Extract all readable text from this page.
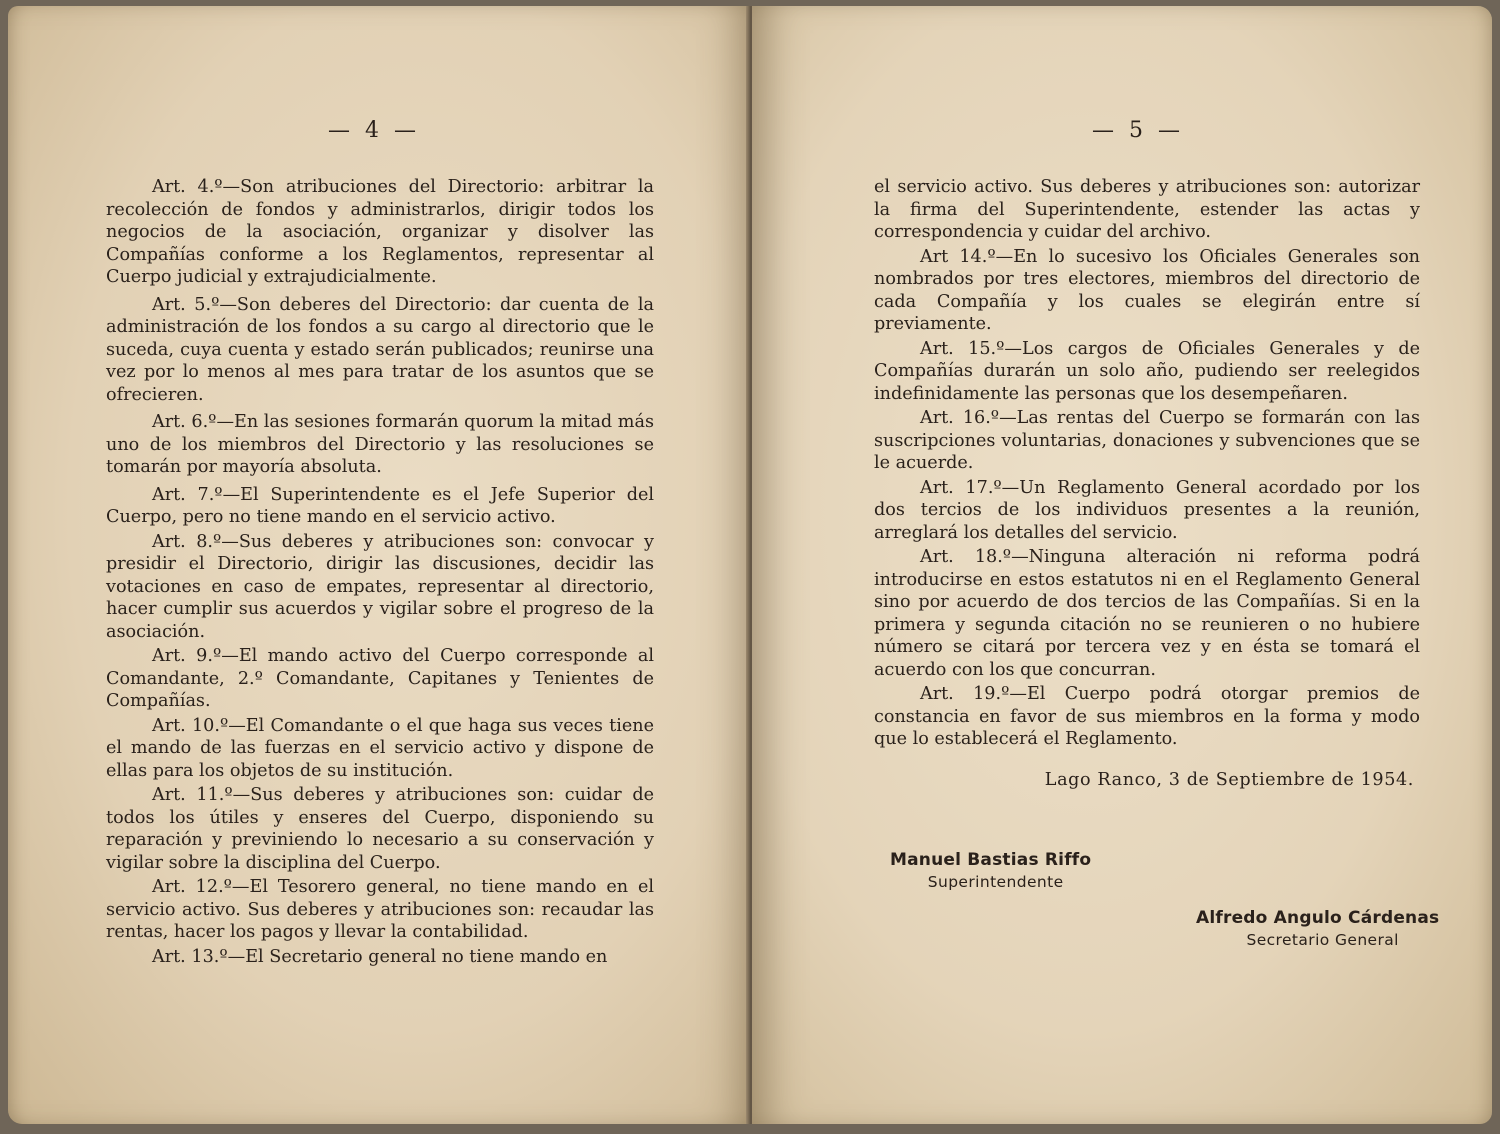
— 4 —

Art. 4.º—Son atribuciones del Directorio: arbitrar la recolección de fondos y administrarlos, dirigir todos los negocios de la asociación, organizar y disolver las Compañías conforme a los Reglamentos, representar al Cuerpo judicial y extrajudicialmente.

Art. 5.º—Son deberes del Directorio: dar cuenta de la administración de los fondos a su cargo al directorio que le suceda, cuya cuenta y estado serán publicados; reunirse una vez por lo menos al mes para tratar de los asuntos que se ofrecieren.

Art. 6.º—En las sesiones formarán quorum la mitad más uno de los miembros del Directorio y las resoluciones se tomarán por mayoría absoluta.

Art. 7.º—El Superintendente es el Jefe Superior del Cuerpo, pero no tiene mando en el servicio activo.

Art. 8.º—Sus deberes y atribuciones son: convocar y presidir el Directorio, dirigir las discusiones, decidir las votaciones en caso de empates, representar al directorio, hacer cumplir sus acuerdos y vigilar sobre el progreso de la asociación.

Art. 9.º—El mando activo del Cuerpo corresponde al Comandante, 2.º Comandante, Capitanes y Tenientes de Compañías.

Art. 10.º—El Comandante o el que haga sus veces tiene el mando de las fuerzas en el servicio activo y dispone de ellas para los objetos de su institución.

Art. 11.º—Sus deberes y atribuciones son: cuidar de todos los útiles y enseres del Cuerpo, disponiendo su reparación y previniendo lo necesario a su conservación y vigilar sobre la disciplina del Cuerpo.

Art. 12.º—El Tesorero general, no tiene mando en el servicio activo. Sus deberes y atribuciones son: recaudar las rentas, hacer los pagos y llevar la contabilidad.

Art. 13.º—El Secretario general no tiene mando en

— 5 —

el servicio activo. Sus deberes y atribuciones son: autorizar la firma del Superintendente, estender las actas y correspondencia y cuidar del archivo.

Art 14.º—En lo sucesivo los Oficiales Generales son nombrados por tres electores, miembros del directorio de cada Compañía y los cuales se elegirán entre sí previamente.

Art. 15.º—Los cargos de Oficiales Generales y de Compañías durarán un solo año, pudiendo ser reelegidos indefinidamente las personas que los desempeñaren.

Art. 16.º—Las rentas del Cuerpo se formarán con las suscripciones voluntarias, donaciones y subvenciones que se le acuerde.

Art. 17.º—Un Reglamento General acordado por los dos tercios de los individuos presentes a la reunión, arreglará los detalles del servicio.

Art. 18.º—Ninguna alteración ni reforma podrá introducirse en estos estatutos ni en el Reglamento General sino por acuerdo de dos tercios de las Compañías. Si en la primera y segunda citación no se reunieren o no hubiere número se citará por tercera vez y en ésta se tomará el acuerdo con los que concurran.

Art. 19.º—El Cuerpo podrá otorgar premios de constancia en favor de sus miembros en la forma y modo que lo establecerá el Reglamento.

Lago Ranco, 3 de Septiembre de 1954.
Manuel Bastias Riffo
Superintendente
Alfredo Angulo Cárdenas
Secretario General
